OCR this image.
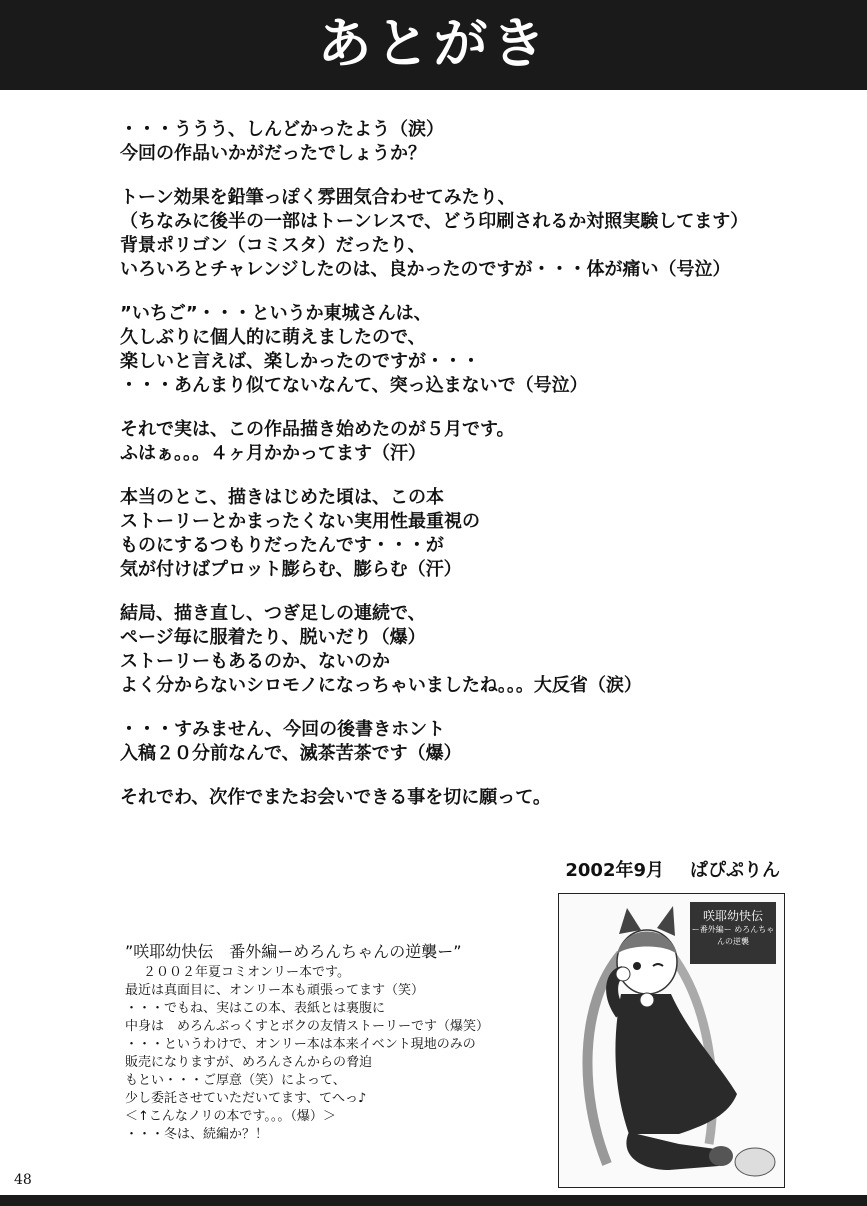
あとがき
・・・ううう、しんどかったよう（涙）
今回の作品いかがだったでしょうか？
トーン効果を鉛筆っぽく雰囲気合わせてみたり、
（ちなみに後半の一部はトーンレスで、どう印刷されるか対照実験してます）
背景ポリゴン（コミスタ）だったり、
いろいろとチャレンジしたのは、良かったのですが・・・体が痛い（号泣）
”いちご”・・・というか東城さんは、
久しぶりに個人的に萌えましたので、
楽しいと言えば、楽しかったのですが・・・
・・・あんまり似てないなんて、突っ込まないで（号泣）
それで実は、この作品描き始めたのが５月です。
ふはぁ。。。４ヶ月かかってます（汗）
本当のとこ、描きはじめた頃は、この本
ストーリーとかまったくない実用性最重視の
ものにするつもりだったんです・・・が
気が付けばプロット膨らむ、膨らむ（汗）
結局、描き直し、つぎ足しの連続で、
ページ毎に服着たり、脱いだり（爆）
ストーリーもあるのか、ないのか
よく分からないシロモノになっちゃいましたね。。。大反省（涙）
・・・すみません、今回の後書きホント
入稿２０分前なんで、滅茶苦茶です（爆）
それでわ、次作でまたお会いできる事を切に願って。
2002年9月 ぱぴぷりん
”咲耶幼快伝　番外編ーめろんちゃんの逆襲ー”
２００２年夏コミオンリー本です。
最近は真面目に、オンリー本も頑張ってます（笑）
・・・でもね、実はこの本、表紙とは裏腹に
中身は　めろんぶっくすとボクの友情ストーリーです（爆笑）
・・・というわけで、オンリー本は本来イベント現地のみの
販売になりますが、めろんさんからの脅迫
もとい・・・ご厚意（笑）によって、
少し委託させていただいてます、てへっ♪
＜↑こんなノリの本です。。。（爆）＞
・・・冬は、続編か？！
咲耶幼快伝
ー番外編ー めろんちゃんの逆襲
48
